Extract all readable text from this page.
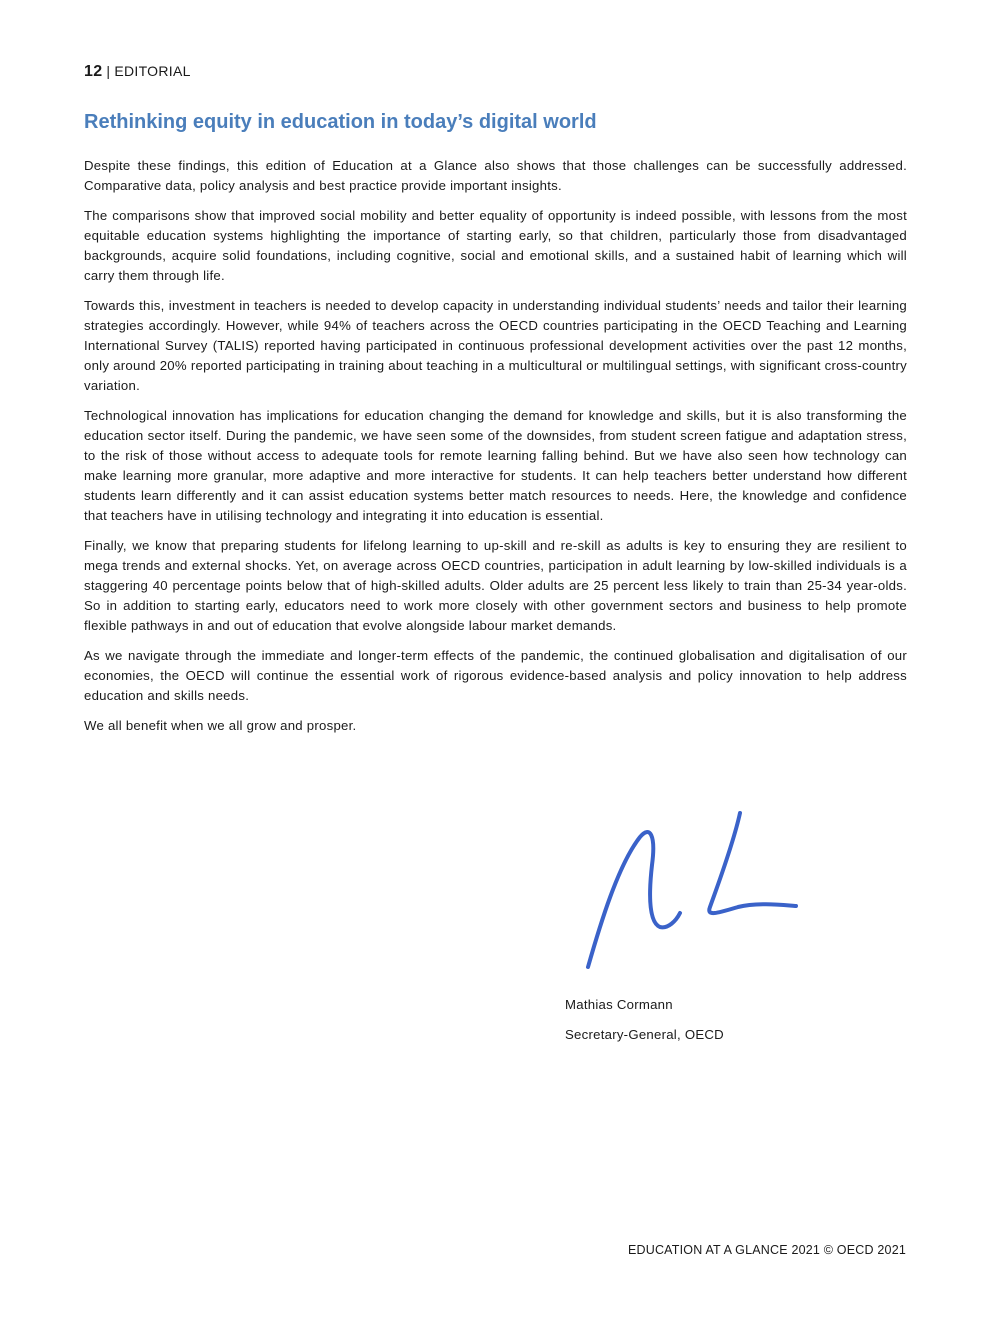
12 | EDITORIAL
Rethinking equity in education in today’s digital world

Despite these findings, this edition of Education at a Glance also shows that those challenges can be successfully addressed. Comparative data, policy analysis and best practice provide important insights.

The comparisons show that improved social mobility and better equality of opportunity is indeed possible, with lessons from the most equitable education systems highlighting the importance of starting early, so that children, particularly those from disadvantaged backgrounds, acquire solid foundations, including cognitive, social and emotional skills, and a sustained habit of learning which will carry them through life.

Towards this, investment in teachers is needed to develop capacity in understanding individual students’ needs and tailor their learning strategies accordingly. However, while 94% of teachers across the OECD countries participating in the OECD Teaching and Learning International Survey (TALIS) reported having participated in continuous professional development activities over the past 12 months, only around 20% reported participating in training about teaching in a multicultural or multilingual settings, with significant cross-country variation.

Technological innovation has implications for education changing the demand for knowledge and skills, but it is also transforming the education sector itself. During the pandemic, we have seen some of the downsides, from student screen fatigue and adaptation stress, to the risk of those without access to adequate tools for remote learning falling behind. But we have also seen how technology can make learning more granular, more adaptive and more interactive for students. It can help teachers better understand how different students learn differently and it can assist education systems better match resources to needs. Here, the knowledge and confidence that teachers have in utilising technology and integrating it into education is essential.

Finally, we know that preparing students for lifelong learning to up-skill and re-skill as adults is key to ensuring they are resilient to mega trends and external shocks. Yet, on average across OECD countries, participation in adult learning by low-skilled individuals is a staggering 40 percentage points below that of high-skilled adults. Older adults are 25 percent less likely to train than 25-34 year-olds. So in addition to starting early, educators need to work more closely with other government sectors and business to help promote flexible pathways in and out of education that evolve alongside labour market demands.

As we navigate through the immediate and longer-term effects of the pandemic, the continued globalisation and digitalisation of our economies, the OECD will continue the essential work of rigorous evidence-based analysis and policy innovation to help address education and skills needs.

We all benefit when we all grow and prosper.

Mathias Cormann
Secretary-General, OECD
EDUCATION AT A GLANCE 2021 © OECD 2021
